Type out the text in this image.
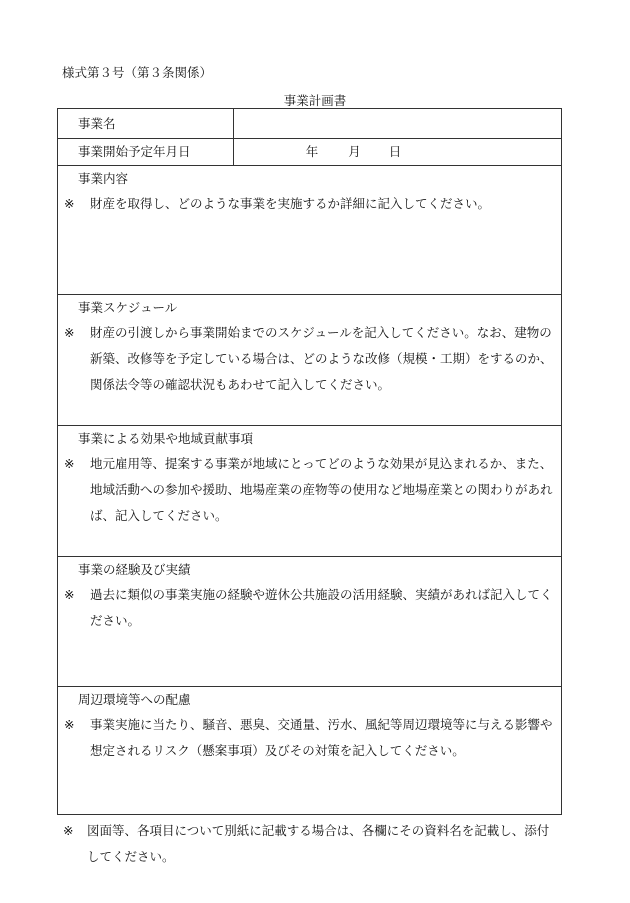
様式第３号（第３条関係）
事業計画書
事業名	
事業開始予定年月日	年 月 日

事業内容
※ 財産を取得し、どのような事業を実施するか詳細に記入してください。	

事業スケジュール
※ 財産の引渡しから事業開始までのスケジュールを記入してください。なお、建物の新築、改修等を予定している場合は、どのような改修（規模・工期）をするのか、関係法令等の確認状況もあわせて記入してください。	

事業による効果や地域貢献事項
※ 地元雇用等、提案する事業が地域にとってどのような効果が見込まれるか、また、地域活動への参加や援助、地場産業の産物等の使用など地場産業との関わりがあれば、記入してください。	

事業の経験及び実績
※ 過去に類似の事業実施の経験や遊休公共施設の活用経験、実績があれば記入してください。	

周辺環境等への配慮
※ 事業実施に当たり、騒音、悪臭、交通量、汚水、風紀等周辺環境等に与える影響や想定されるリスク（懸案事項）及びその対策を記入してください。	
※	図面等、各項目について別紙に記載する場合は、各欄にその資料名を記載し、添付してください。
